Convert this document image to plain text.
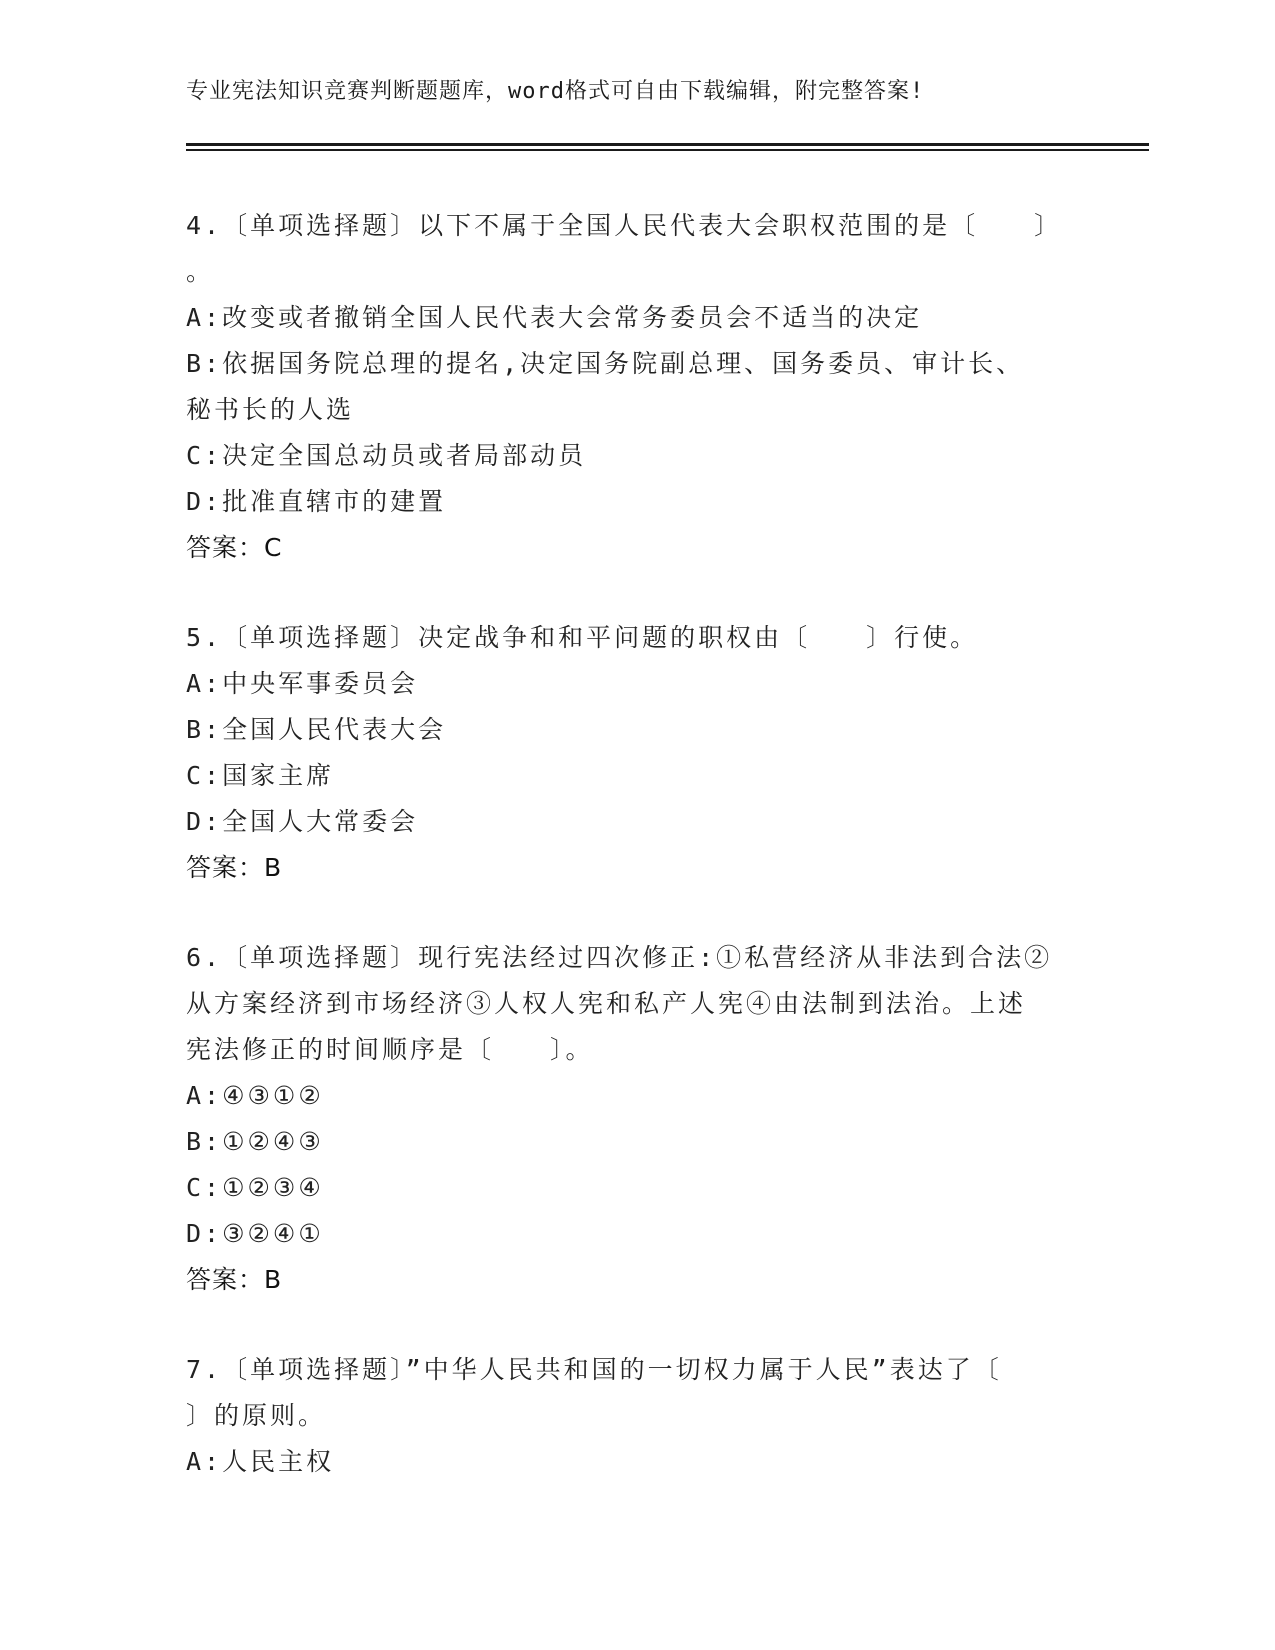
专业宪法知识竞赛判断题题库，word格式可自由下载编辑，附完整答案!
4.〔单项选择题〕以下不属于全国人民代表大会职权范围的是〔　　〕
。
A:改变或者撤销全国人民代表大会常务委员会不适当的决定
B:依据国务院总理的提名,决定国务院副总理、国务委员、审计长、
秘书长的人选
C:决定全国总动员或者局部动员
D:批准直辖市的建置
答案：C
5.〔单项选择题〕决定战争和和平问题的职权由〔　　〕行使。
A:中央军事委员会
B:全国人民代表大会
C:国家主席
D:全国人大常委会
答案：B
6.〔单项选择题〕现行宪法经过四次修正:①私营经济从非法到合法②
从方案经济到市场经济③人权人宪和私产人宪④由法制到法治。上述
宪法修正的时间顺序是〔　　〕。
A:④③①②
B:①②④③
C:①②③④
D:③②④①
答案：B
7.〔单项选择题〕”中华人民共和国的一切权力属于人民”表达了〔
〕的原则。
A:人民主权
